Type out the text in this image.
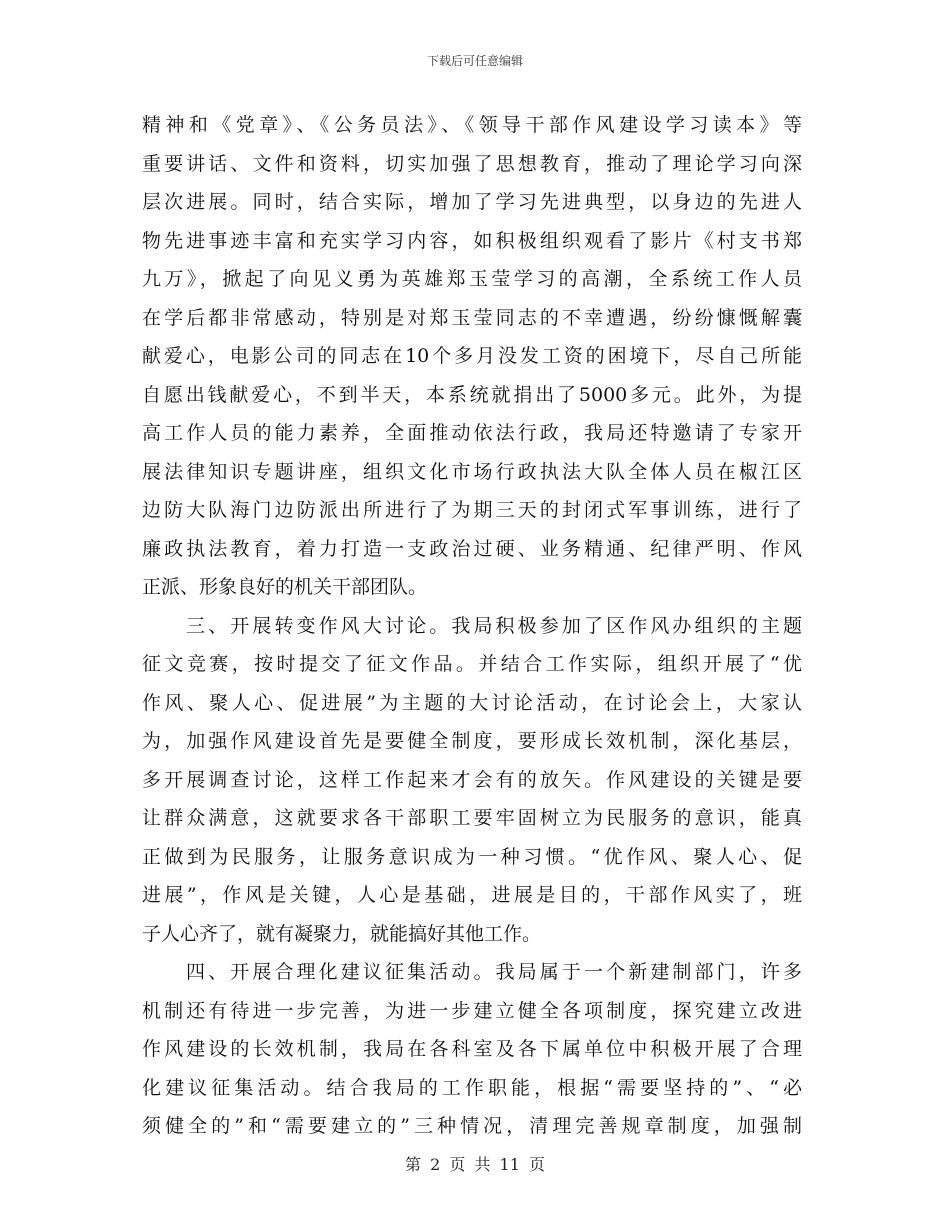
下载后可任意编辑
精神和《党章》、《公务员法》、《领导干部作风建设学习读本》等
重要讲话、文件和资料，切实加强了思想教育，推动了理论学习向深
层次进展。同时，结合实际，增加了学习先进典型，以身边的先进人
物先进事迹丰富和充实学习内容，如积极组织观看了影片《村支书郑
九万》，掀起了向见义勇为英雄郑玉莹学习的高潮，全系统工作人员
在学后都非常感动，特别是对郑玉莹同志的不幸遭遇，纷纷慷慨解囊
献爱心，电影公司的同志在10个多月没发工资的困境下，尽自己所能
自愿出钱献爱心，不到半天，本系统就捐出了5000多元。此外，为提
高工作人员的能力素养，全面推动依法行政，我局还特邀请了专家开
展法律知识专题讲座，组织文化市场行政执法大队全体人员在椒江区
边防大队海门边防派出所进行了为期三天的封闭式军事训练，进行了
廉政执法教育，着力打造一支政治过硬、业务精通、纪律严明、作风
正派、形象良好的机关干部团队。
三、开展转变作风大讨论。我局积极参加了区作风办组织的主题
征文竞赛，按时提交了征文作品。并结合工作实际，组织开展了“优
作风、聚人心、促进展”为主题的大讨论活动，在讨论会上，大家认
为，加强作风建设首先是要健全制度，要形成长效机制，深化基层，
多开展调查讨论，这样工作起来才会有的放矢。作风建设的关键是要
让群众满意，这就要求各干部职工要牢固树立为民服务的意识，能真
正做到为民服务，让服务意识成为一种习惯。“优作风、聚人心、促
进展”，作风是关键，人心是基础，进展是目的，干部作风实了，班
子人心齐了，就有凝聚力，就能搞好其他工作。
四、开展合理化建议征集活动。我局属于一个新建制部门，许多
机制还有待进一步完善，为进一步建立健全各项制度，探究建立改进
作风建设的长效机制，我局在各科室及各下属单位中积极开展了合理
化建议征集活动。结合我局的工作职能，根据“需要坚持的”、“必
须健全的”和“需要建立的”三种情况，清理完善规章制度，加强制
第 2 页 共 11 页
